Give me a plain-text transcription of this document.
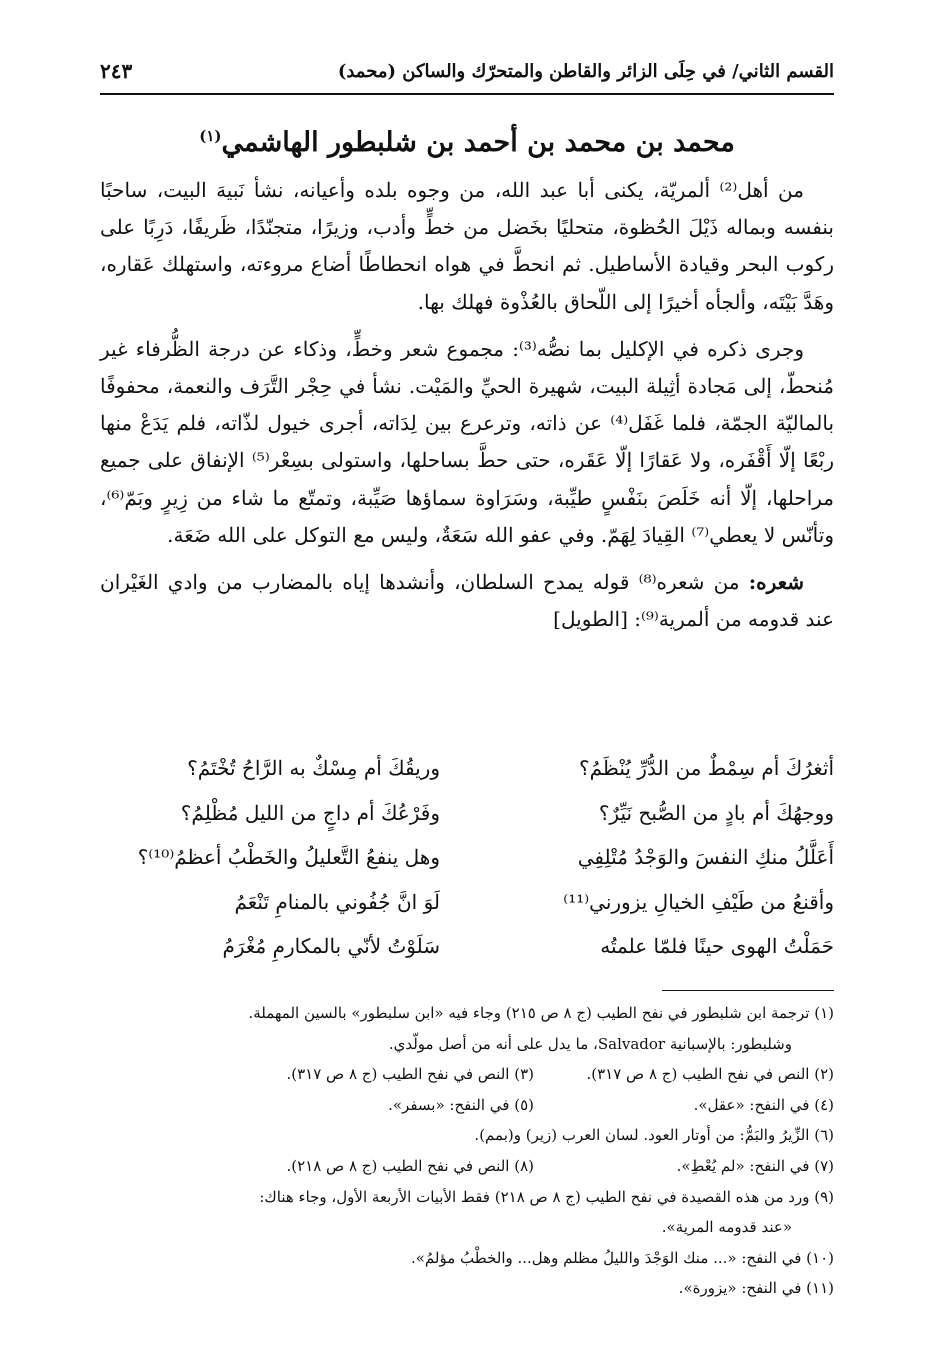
القسم الثاني/ في حِلَى الزائر والقاطن والمتحرّك والساكن (محمد)
٢٤٣
محمد بن محمد بن أحمد بن شلبطور الهاشمي$^{(١)}$

من أهل⁽²⁾ ألمريّة، يكنى أبا عبد الله، من وجوه بلده وأعيانه، نشأ نَبيهَ البيت، ساحبًا بنفسه وبماله ذَيْلَ الحُظوة، متحليًا بخَضل من خطٍّ وأدب، وزيرًا، متجنّدًا، ظَريفًا، دَرِبًا على ركوب البحر وقيادة الأساطيل. ثم انحطَّ في هواه انحطاطًا أضاع مروءته، واستهلك عَقاره، وهَدَّ بَيْتَه، وألجأه أخيرًا إلى اللّحاق بالعُذْوة فهلك بها.

وجرى ذكره في الإكليل بما نصُّه⁽³⁾: مجموع شعر وخطٍّ، وذكاء عن درجة الظُّرفاء غير مُنحطّ، إلى مَجادة أثِيلة البيت، شهيرة الحيِّ والمَيْت. نشأ في حِجْر التَّرَف والنعمة، محفوفًا بالماليّة الجمّة، فلما غَفَل⁽⁴⁾ عن ذاته، وترعرع بين لِدَاته، أجرى خيول لذّاته، فلم يَدَعْ منها ربْعًا إلّا أَقْفَره، ولا عَقارًا إلّا عَقَره، حتى حطَّ بساحلها، واستولى بسِعْر⁽⁵⁾ الإنفاق على جميع مراحلها، إلّا أنه خَلَصَ بنَفْسٍ طيِّبة، وسَرَاوة سماؤها صَيِّبة، وتمتّع ما شاء من زِيرٍ وبَمّ⁽⁶⁾، وتأنّس لا يعطي⁽⁷⁾ القِيادَ لِهَمّ. وفي عفو الله سَعَةٌ، وليس مع التوكل على الله ضَعَة.

شعره: من شعره⁽⁸⁾ قوله يمدح السلطان، وأنشدها إياه بالمضارب من وادي الغَيْران عند قدومه من ألمرية⁽⁹⁾: [الطويل]

أثغرُكَ أم سِمْطٌ من الدُّرِّ يُنْظَمُ؟
وريقُكَ أم مِسْكٌ به الرَّاحُ تُخْتَمُ؟
ووجهُكَ أم بادٍ من الصُّبح نَيِّرٌ؟
وفَرْعُكَ أم داجٍ من الليل مُظْلِمُ؟
أَعَلَّلُ منكِ النفسَ والوَجْدُ مُتْلِفِي
وهل ينفعُ التَّعليلُ والخَطْبُ أعظمُ⁽¹⁰⁾؟
وأقنعُ من طَيْفِ الخيالِ يزورني⁽¹¹⁾
لَوَ انَّ جُفُوني بالمنامِ تَنْعَمُ
حَمَلْتُ الهوى حينًا فلمّا علمتُه
سَلَوْتُ لأنّي بالمكارمِ مُغْرَمُ
(١) ترجمة ابن شلبطور في نفح الطيب (ج ٨ ص ٢١٥) وجاء فيه «ابن سلبطور» بالسين المهملة.
وشلبطور: بالإسبانية Salvador، ما يدل على أنه من أصل مولّدي.
(٢) النص في نفح الطيب (ج ٨ ص ٣١٧).
(٣) النص في نفح الطيب (ج ٨ ص ٣١٧).
(٤) في النفح: «عقل».
(٥) في النفح: «بسفر».
(٦) الزِّيرُ والبَمُّ: من أوتار العود. لسان العرب (زير) و(بمم).
(٧) في النفح: «لم يُعْطِ».
(٨) النص في نفح الطيب (ج ٨ ص ٢١٨).
(٩) ورد من هذه القصيدة في نفح الطيب (ج ٨ ص ٢١٨) فقط الأبيات الأربعة الأول، وجاء هناك:
«عند قدومه المرية».
(١٠) في النفح: «... منك الوَجْدَ والليلُ مظلم وهل... والخطْبُ مؤلمُ».
(١١) في النفح: «يزورة».
